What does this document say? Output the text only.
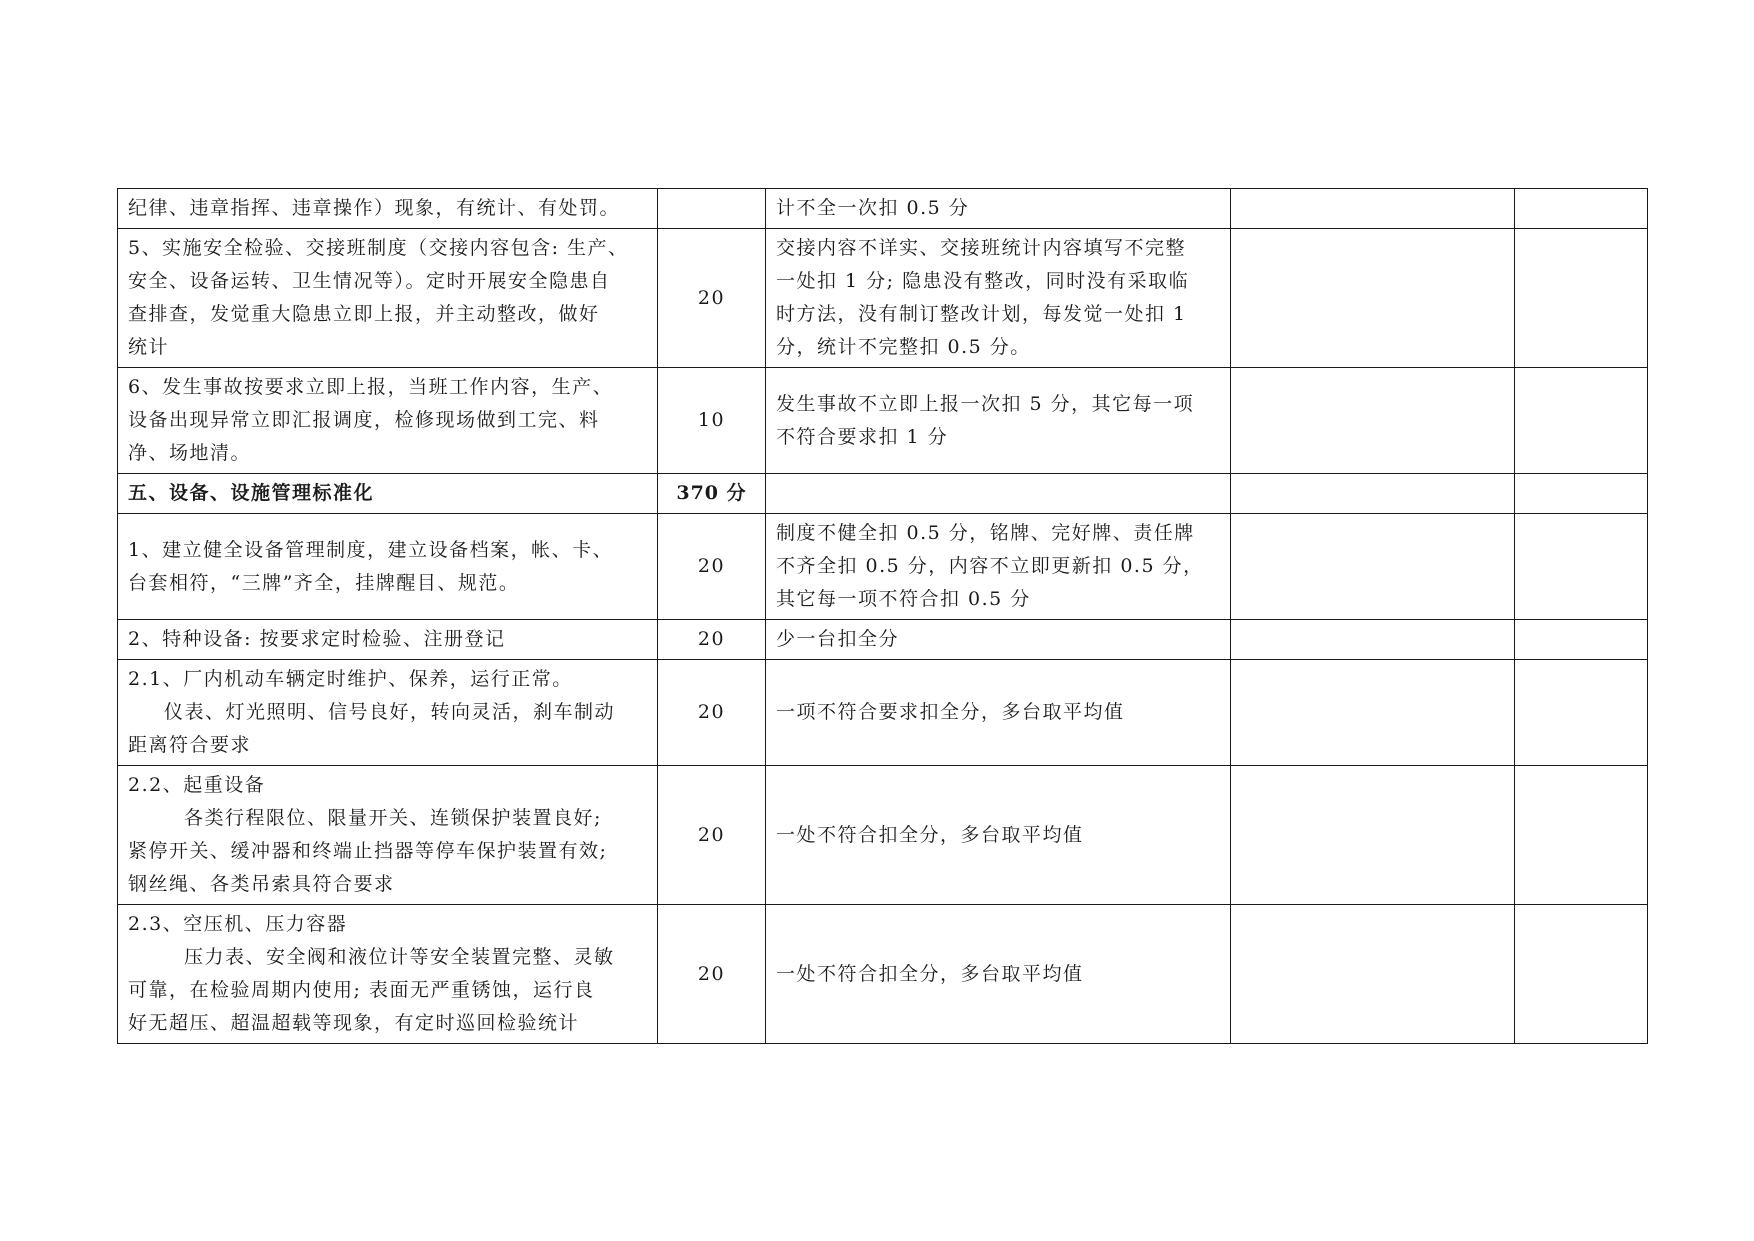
纪律、违章指挥、违章操作）现象，有统计、有处罚。		计不全一次扣 0.5 分		

5、实施安全检验、交接班制度（交接内容包含: 生产、
安全、设备运转、卫生情况等）。定时开展安全隐患自
查排查，发觉重大隐患立即上报，并主动整改，做好
统计	20	交接内容不详实、交接班统计内容填写不完整
一处扣 1 分; 隐患没有整改，同时没有采取临
时方法，没有制订整改计划，每发觉一处扣 1
分，统计不完整扣 0.5 分。		

6、发生事故按要求立即上报，当班工作内容，生产、
设备出现异常立即汇报调度，检修现场做到工完、料
净、场地清。	10	发生事故不立即上报一次扣 5 分，其它每一项
不符合要求扣 1 分		

五、设备、设施管理标准化	370 分			

1、建立健全设备管理制度，建立设备档案，帐、卡、
台套相符，“三牌”齐全，挂牌醒目、规范。	20	制度不健全扣 0.5 分，铭牌、完好牌、责任牌
不齐全扣 0.5 分，内容不立即更新扣 0.5 分，
其它每一项不符合扣 0.5 分		

2、特种设备: 按要求定时检验、注册登记	20	少一台扣全分		

2.1、厂内机动车辆定时维护、保养，运行正常。
仪表、灯光照明、信号良好，转向灵活，刹车制动
距离符合要求	20	一项不符合要求扣全分，多台取平均值		

2.2、起重设备
各类行程限位、限量开关、连锁保护装置良好;
紧停开关、缓冲器和终端止挡器等停车保护装置有效;
钢丝绳、各类吊索具符合要求	20	一处不符合扣全分，多台取平均值		

2.3、空压机、压力容器
压力表、安全阀和液位计等安全装置完整、灵敏
可靠，在检验周期内使用; 表面无严重锈蚀，运行良
好无超压、超温超载等现象，有定时巡回检验统计	20	一处不符合扣全分，多台取平均值		
